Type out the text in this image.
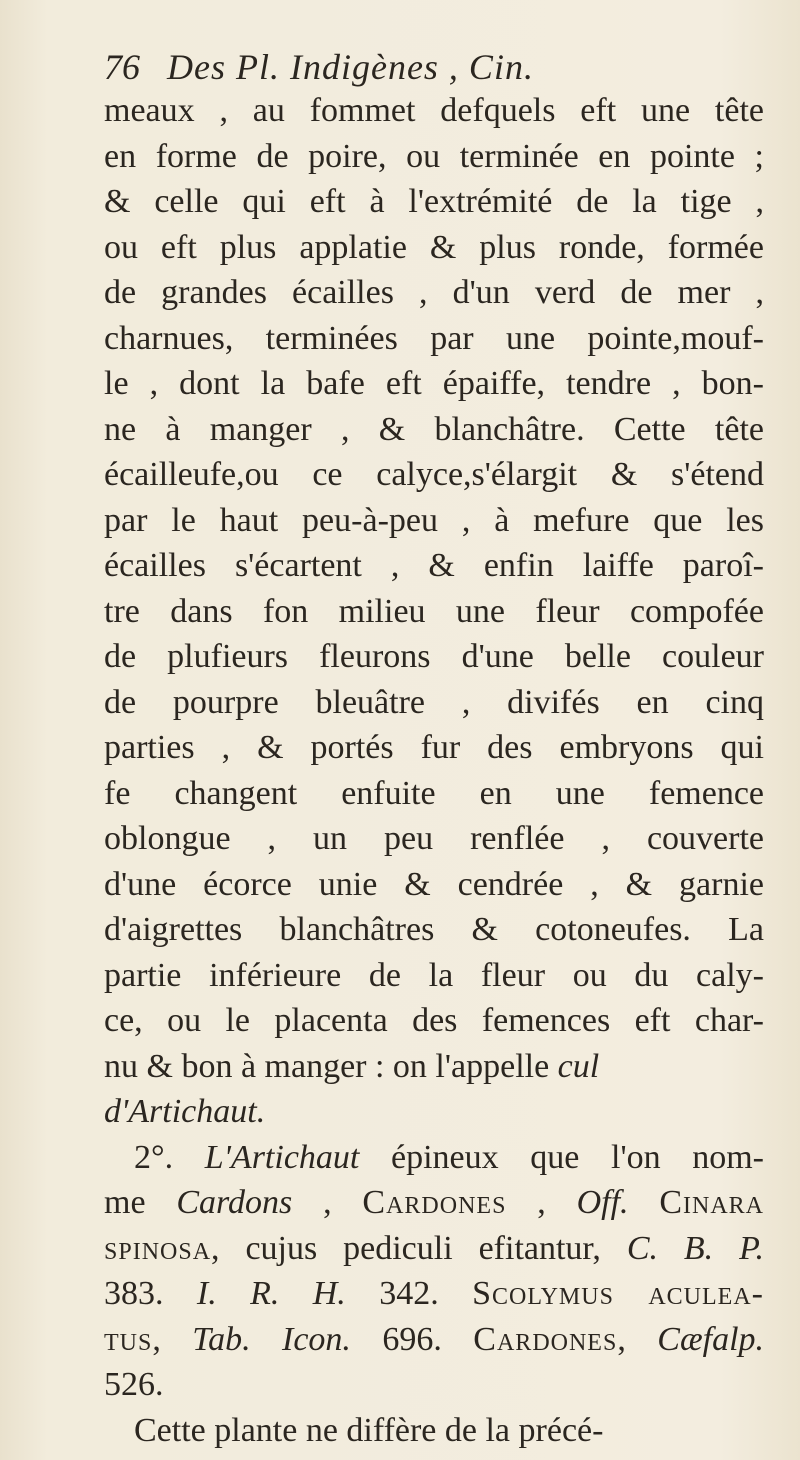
76 Des Pl. Indigènes , Cin.
meaux , au fommet defquels eft une tête
en forme de poire, ou terminée en pointe ;
& celle qui eft à l'extrémité de la tige ,
ou eft plus applatie & plus ronde, formée
de grandes écailles , d'un verd de mer ,
charnues, terminées par une pointe,mouf-
le , dont la bafe eft épaiffe, tendre , bon-
ne à manger , & blanchâtre. Cette tête
écailleufe,ou ce calyce,s'élargit & s'étend
par le haut peu-à-peu , à mefure que les
écailles s'écartent , & enfin laiffe paroî-
tre dans fon milieu une fleur compofée
de plufieurs fleurons d'une belle couleur
de pourpre bleuâtre , divifés en cinq
parties , & portés fur des embryons qui
fe changent enfuite en une femence
oblongue , un peu renflée , couverte
d'une écorce unie & cendrée , & garnie
d'aigrettes blanchâtres & cotoneufes. La
partie inférieure de la fleur ou du caly-
ce, ou le placenta des femences eft char-
nu & bon à manger : on l'appelle cul
d'Artichaut.
2°. L'Artichaut épineux que l'on nom-
me Cardons , Cardones , Off. Cinara
spinosa, cujus pediculi efitantur, C. B. P.
383. I. R. H. 342. Scolymus aculea-
tus, Tab. Icon. 696. Cardones, Cæfalp.
526.
Cette plante ne diffère de la précé-
